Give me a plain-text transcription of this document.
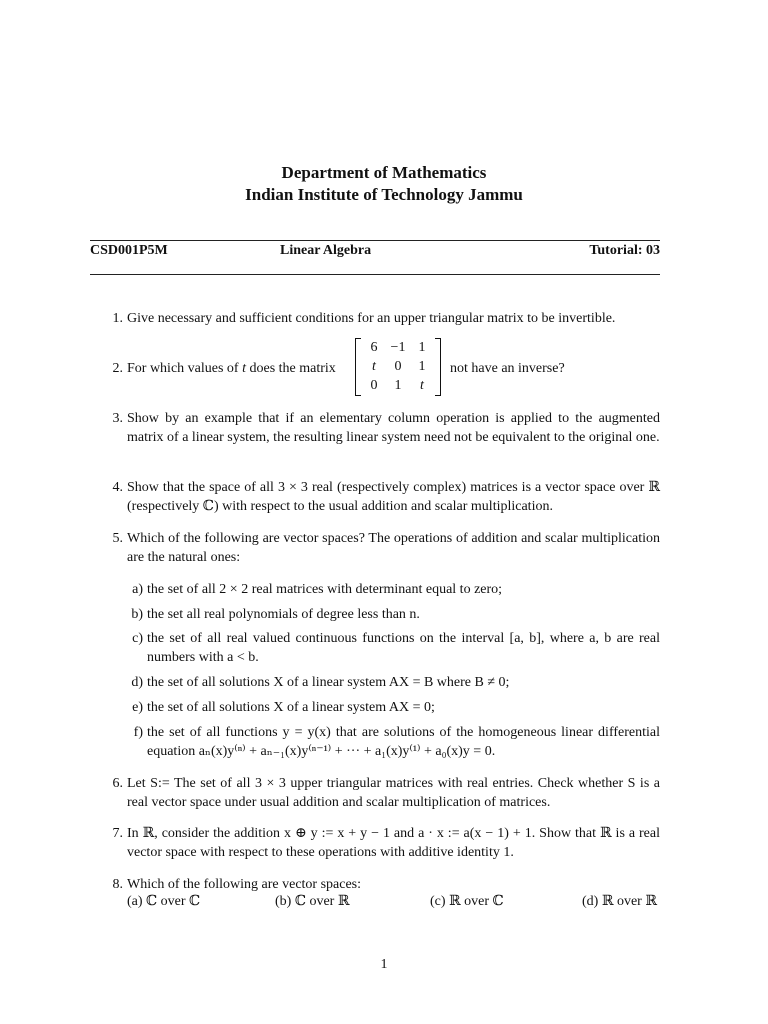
Department of Mathematics
Indian Institute of Technology Jammu
CSD001P5M	Linear Algebra	Tutorial: 03
1. Give necessary and sufficient conditions for an upper triangular matrix to be invertible.
2. For which values of t does the matrix
6 −1 1
t	0	1
0	1	t
not have an inverse?
3. Show by an example that if an elementary column operation is applied to the augmented matrix of a linear system, the resulting linear system need not be equivalent to the original one.
4. Show that the space of all 3 × 3 real (respectively complex) matrices is a vector space over ℝ (respectively ℂ) with respect to the usual addition and scalar multiplication.
5. Which of the following are vector spaces? The operations of addition and scalar multiplication are the natural ones:
a) the set of all 2 × 2 real matrices with determinant equal to zero;
b) the set all real polynomials of degree less than n.
c) the set of all real valued continuous functions on the interval [a, b], where a, b are real numbers with a < b.
d) the set of all solutions X of a linear system AX = B where B ≠ 0;
e) the set of all solutions X of a linear system AX = 0;
f) the set of all functions y = y(x) that are solutions of the homogeneous linear differential equation aₙ(x)y⁽ⁿ⁾ + aₙ₋₁(x)y⁽ⁿ⁻¹⁾ + ··· + a₁(x)y⁽¹⁾ + a₀(x)y = 0.
6. Let S:= The set of all 3 × 3 upper triangular matrices with real entries. Check whether S is a real vector space under usual addition and scalar multiplication of matrices.
7. In ℝ, consider the addition x ⊕ y := x + y − 1 and a · x := a(x − 1) + 1. Show that ℝ is a real vector space with respect to these operations with additive identity 1.
8. Which of the following are vector spaces:
(a) ℂ over ℂ	(b) ℂ over ℝ	(c) ℝ over ℂ	(d) ℝ over ℝ
1
